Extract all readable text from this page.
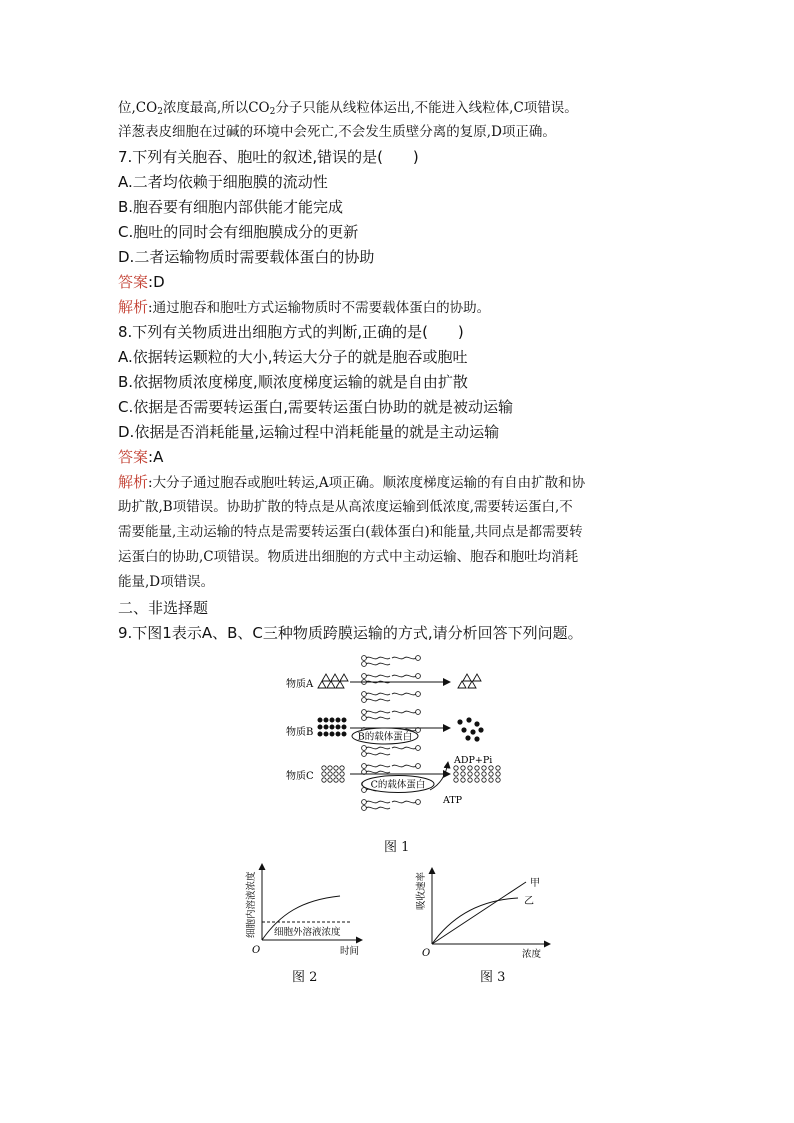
位$,CO_2$浓度最高,所以$CO_2$分子只能从线粒体运出,不能进入线粒体,C项错误。
洋葱表皮细胞在过碱的环境中会死亡,不会发生质壁分离的复原,D项正确。
7.下列有关胞吞、胞吐的叙述,错误的是(　　)
A.二者均依赖于细胞膜的流动性
B.胞吞要有细胞内部供能才能完成
C.胞吐的同时会有细胞膜成分的更新
D.二者运输物质时需要载体蛋白的协助
答案:D
解析:通过胞吞和胞吐方式运输物质时不需要载体蛋白的协助。
8.下列有关物质进出细胞方式的判断,正确的是(　　)
A.依据转运颗粒的大小,转运大分子的就是胞吞或胞吐
B.依据物质浓度梯度,顺浓度梯度运输的就是自由扩散
C.依据是否需要转运蛋白,需要转运蛋白协助的就是被动运输
D.依据是否消耗能量,运输过程中消耗能量的就是主动运输
答案:A
解析:大分子通过胞吞或胞吐转运,A项正确。顺浓度梯度运输的有自由扩散和协
助扩散,B项错误。协助扩散的特点是从高浓度运输到低浓度,需要转运蛋白,不
需要能量,主动运输的特点是需要转运蛋白(载体蛋白)和能量,共同点是都需要转
运蛋白的协助,C项错误。物质进出细胞的方式中主动运输、胞吞和胞吐均消耗
能量,D项错误。
二、非选择题
9.下图1表示A、B、C三种物质跨膜运输的方式,请分析回答下列问题。
物质A
物质B	B的载体蛋白
ADP+Pi
物质C
C的载体蛋白
ATP
图 1
O	时间
细胞内溶液浓度 细胞外溶液浓度
图 2
O	浓度
吸收速率	甲
乙
图 3
